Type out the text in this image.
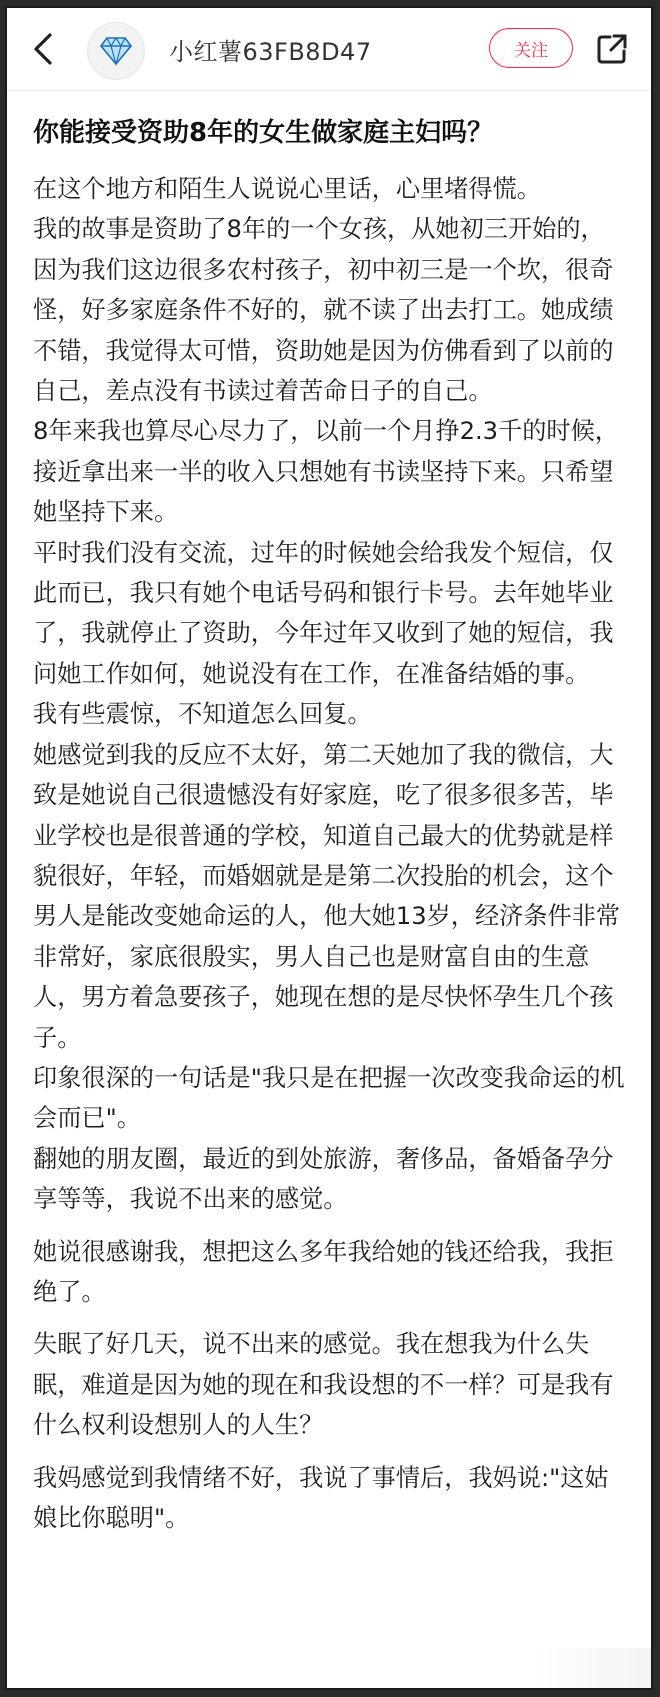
小红薯63FB8D47	关注
你能接受资助8年的女生做家庭主妇吗？

在这个地方和陌生人说说心里话，心里堵得慌。

我的故事是资助了8年的一个女孩，从她初三开始的，因为我们这边很多农村孩子，初中初三是一个坎，很奇怪，好多家庭条件不好的，就不读了出去打工。她成绩不错，我觉得太可惜，资助她是因为仿佛看到了以前的自己，差点没有书读过着苦命日子的自己。

8年来我也算尽心尽力了，以前一个月挣2.3千的时候，接近拿出来一半的收入只想她有书读坚持下来。只希望她坚持下来。

平时我们没有交流，过年的时候她会给我发个短信，仅此而已，我只有她个电话号码和银行卡号。去年她毕业了，我就停止了资助，今年过年又收到了她的短信，我问她工作如何，她说没有在工作，在准备结婚的事。

我有些震惊，不知道怎么回复。

她感觉到我的反应不太好，第二天她加了我的微信，大致是她说自己很遗憾没有好家庭，吃了很多很多苦，毕业学校也是很普通的学校，知道自己最大的优势就是样貌很好，年轻，而婚姻就是是第二次投胎的机会，这个男人是能改变她命运的人，他大她13岁，经济条件非常非常好，家底很殷实，男人自己也是财富自由的生意人，男方着急要孩子，她现在想的是尽快怀孕生几个孩子。

印象很深的一句话是"我只是在把握一次改变我命运的机会而已"。

翻她的朋友圈，最近的到处旅游，奢侈品，备婚备孕分享等等，我说不出来的感觉。

她说很感谢我，想把这么多年我给她的钱还给我，我拒绝了。

失眠了好几天，说不出来的感觉。我在想我为什么失眠，难道是因为她的现在和我设想的不一样？可是我有什么权利设想别人的人生？

我妈感觉到我情绪不好，我说了事情后，我妈说:"这姑娘比你聪明"。
